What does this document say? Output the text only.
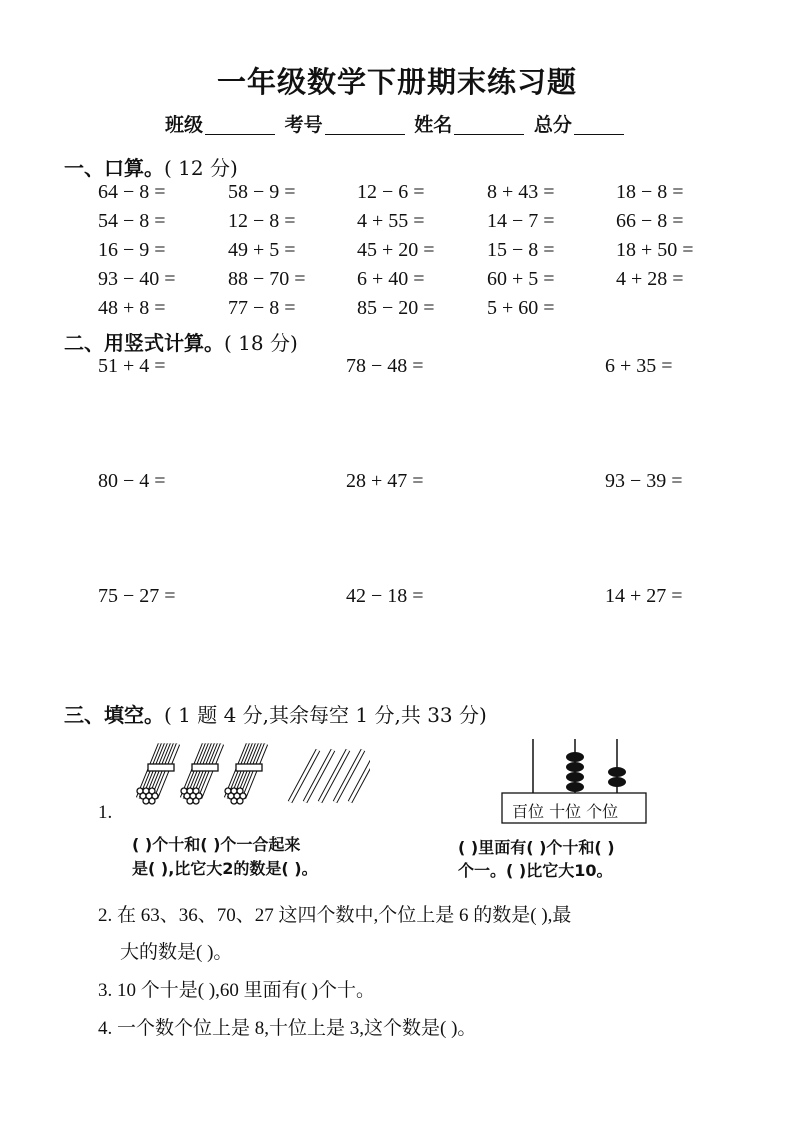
一年级数学下册期末练习题
班级	考号	姓名	总分
一、口算。( 12 分)
64 − 8 =	58 − 9 =	12 − 6 =	8 + 43 =	18 − 8 =
54 − 8 =	12 − 8 =	4 + 55 =	14 − 7 =	66 − 8 =
16 − 9 =	49 + 5 =	45 + 20 =	15 − 8 =	18 + 50 =
93 − 40 =	88 − 70 =	6 + 40 =	60 + 5 =	4 + 28 =
48 + 8 =	77 − 8 =	85 − 20 =	5 + 60 =
二、用竖式计算。( 18 分)
51 + 4 =	78 − 48 =	6 + 35 =
80 − 4 =	28 + 47 =	93 − 39 =
75 − 27 =	42 − 18 =	14 + 27 =
三、填空。( 1 题 4 分,其余每空 1 分,共 33 分)
1.
( )个十和( )个一合起来
是( ),比它大2的数是( )。
百位 十位 个位
( )里面有( )个十和( )
个一。( )比它大10。
2. 在 63、36、70、27 这四个数中,个位上是 6 的数是( ),最
大的数是( )。
3. 10 个十是( ),60 里面有( )个十。
4. 一个数个位上是 8,十位上是 3,这个数是( )。
